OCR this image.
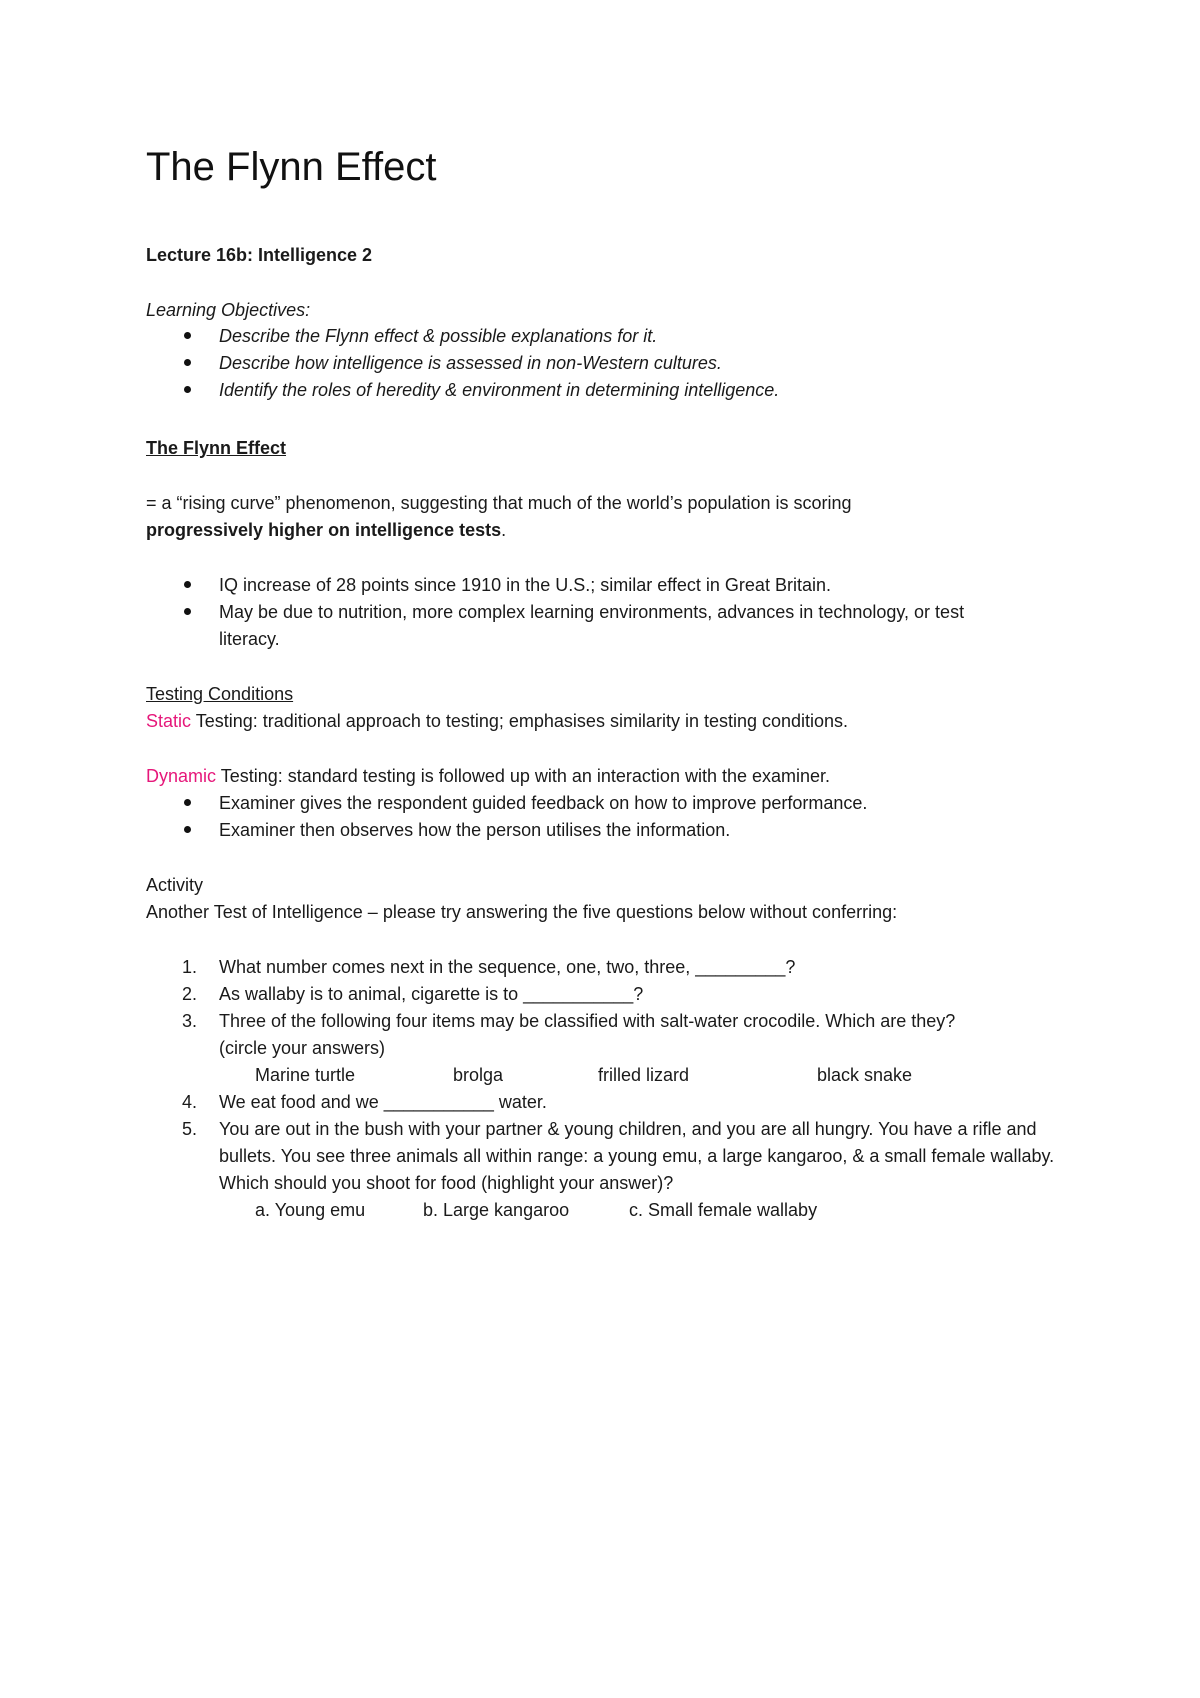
The Flynn Effect
Lecture 16b: Intelligence 2
Learning Objectives:
Describe the Flynn effect & possible explanations for it.
Describe how intelligence is assessed in non-Western cultures.
Identify the roles of heredity & environment in determining intelligence.
The Flynn Effect
= a “rising curve” phenomenon, suggesting that much of the world’s population is scoring
progressively higher on intelligence tests.
IQ increase of 28 points since 1910 in the U.S.; similar effect in Great Britain.
May be due to nutrition, more complex learning environments, advances in technology, or test literacy.
Testing Conditions
Static Testing: traditional approach to testing; emphasises similarity in testing conditions.
Dynamic Testing: standard testing is followed up with an interaction with the examiner.
Examiner gives the respondent guided feedback on how to improve performance.
Examiner then observes how the person utilises the information.
Activity
Another Test of Intelligence – please try answering the five questions below without conferring:
1. What number comes next in the sequence, one, two, three, _________?
2. As wallaby is to animal, cigarette is to ___________?
3. Three of the following four items may be classified with salt-water crocodile. Which are they? (circle your answers)
Marine turtle	brolga	frilled lizard	black snake
4. We eat food and we ___________ water.
5. You are out in the bush with your partner & young children, and you are all hungry. You have a rifle and bullets. You see three animals all within range: a young emu, a large kangaroo, & a small female wallaby. Which should you shoot for food (highlight your answer)?
a. Young emu	b. Large kangaroo	c. Small female wallaby
